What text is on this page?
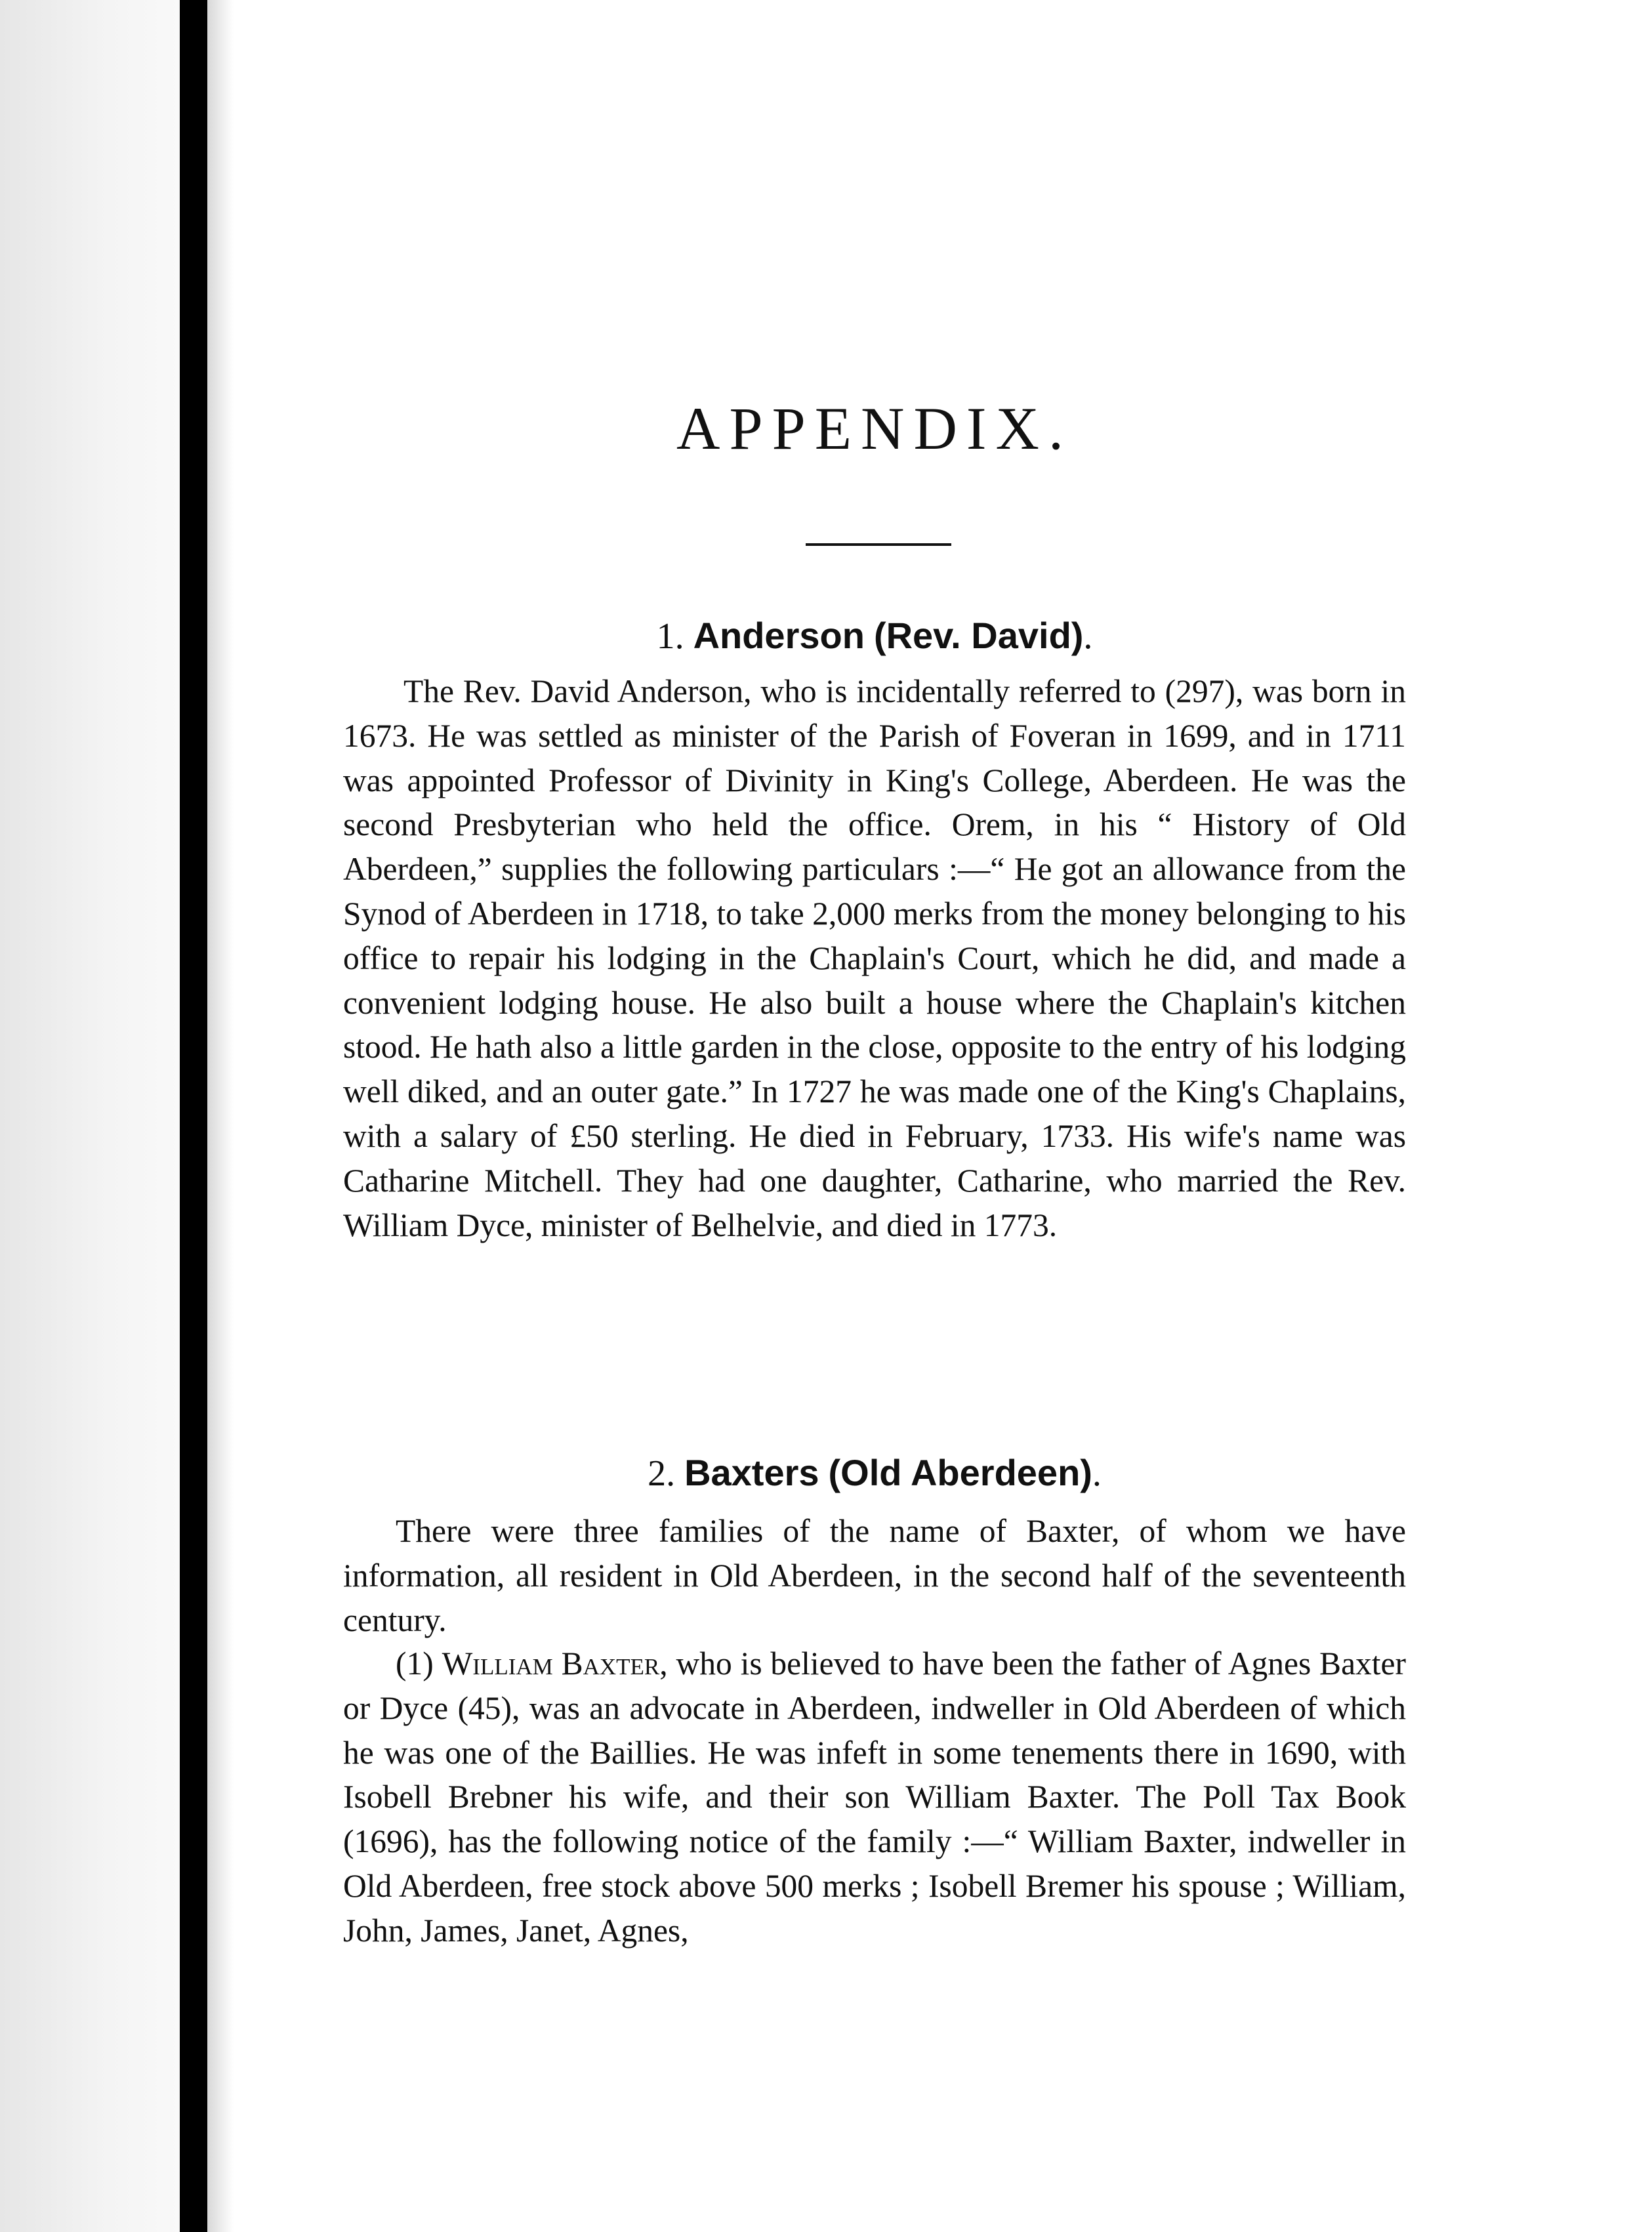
APPENDIX.
1. Anderson (Rev. David).

The Rev. David Anderson, who is incidentally referred to (297), was born in 1673. He was settled as minister of the Parish of Foveran in 1699, and in 1711 was appointed Professor of Divinity in King's College, Aberdeen. He was the second Presbyterian who held the office. Orem, in his “ History of Old Aberdeen,” supplies the following particulars :—“ He got an allowance from the Synod of Aberdeen in 1718, to take 2,000 merks from the money belonging to his office to repair his lodging in the Chaplain's Court, which he did, and made a convenient lodging house. He also built a house where the Chaplain's kitchen stood. He hath also a little garden in the close, opposite to the entry of his lodging well diked, and an outer gate.” In 1727 he was made one of the King's Chaplains, with a salary of £50 sterling. He died in February, 1733. His wife's name was Catharine Mitchell. They had one daughter, Catharine, who married the Rev. William Dyce, minister of Belhelvie, and died in 1773.

2. Baxters (Old Aberdeen).

There were three families of the name of Baxter, of whom we have information, all resident in Old Aberdeen, in the second half of the seventeenth century.

(1) William Baxter, who is believed to have been the father of Agnes Baxter or Dyce (45), was an advocate in Aberdeen, indweller in Old Aberdeen of which he was one of the Baillies. He was infeft in some tenements there in 1690, with Isobell Brebner his wife, and their son William Baxter. The Poll Tax Book (1696), has the following notice of the family :—“ William Baxter, indweller in Old Aberdeen, free stock above 500 merks ; Isobell Bremer his spouse ; William, John, James, Janet, Agnes,
